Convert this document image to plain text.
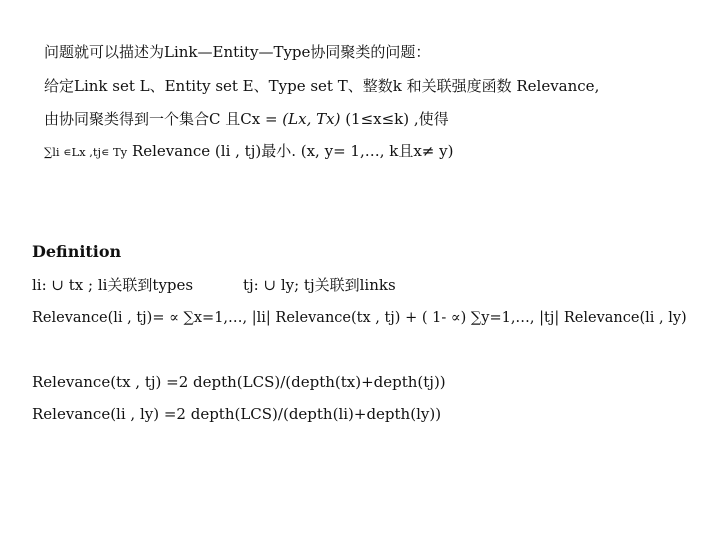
问题就可以描述为Link—Entity—Type协同聚类的问题：
给定Link set L、Entity set E、Type set T、整数k 和关联强度函数 Relevance,
由协同聚类得到一个集合C 且Cx = (Lx, Tx) (1≤x≤k) ,使得
∑li ∊Lx ,tj∊ Ty Relevance (li , tj)最小. (x, y= 1,…, k且x≠ y)
Definition
li: ∪ tx ; li关联到types	tj: ∪ ly; tj关联到links
Relevance(li , tj)= ∝ ∑x=1,…, |li| Relevance(tx , tj) + ( 1- ∝) ∑y=1,…, |tj| Relevance(li , ly)
Relevance(tx , tj) =2 depth(LCS)/(depth(tx)+depth(tj))
Relevance(li , ly) =2 depth(LCS)/(depth(li)+depth(ly))
